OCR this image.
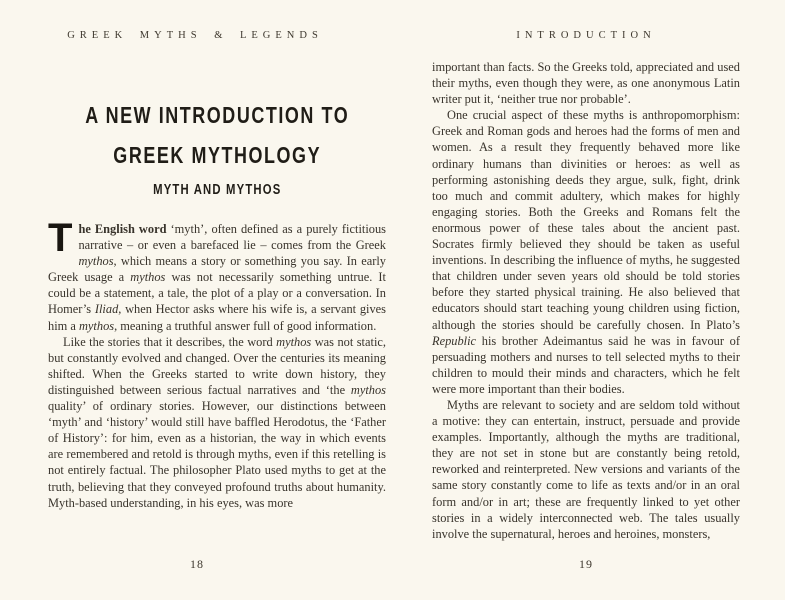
GREEK MYTHS & LEGENDS
A NEW INTRODUCTION TO
GREEK MYTHOLOGY
MYTH AND MYTHOS

The English word ‘myth’, often defined as a purely fictitious narrative – or even a barefaced lie – comes from the Greek mythos, which means a story or something you say. In early Greek usage a mythos was not necessarily something untrue. It could be a statement, a tale, the plot of a play or a conversation. In Homer’s Iliad, when Hector asks where his wife is, a servant gives him a mythos, meaning a truthful answer full of good information.

Like the stories that it describes, the word mythos was not static, but constantly evolved and changed. Over the centuries its meaning shifted. When the Greeks started to write down history, they distinguished between serious factual narratives and ‘the mythos quality’ of ordinary stories. However, our distinctions between ‘myth’ and ‘history’ would still have baffled Herodotus, the ‘Father of History’: for him, even as a historian, the way in which events are remembered and retold is through myths, even if this retelling is not entirely factual. The philosopher Plato used myths to get at the truth, believing that they conveyed profound truths about humanity. Myth-based understanding, in his eyes, was more

18
INTRODUCTION

important than facts. So the Greeks told, appreciated and used their myths, even though they were, as one anonymous Latin writer put it, ‘neither true nor probable’.

One crucial aspect of these myths is anthropomorphism: Greek and Roman gods and heroes had the forms of men and women. As a result they frequently behaved more like ordinary humans than divinities or heroes: as well as performing astonishing deeds they argue, sulk, fight, drink too much and commit adultery, which makes for highly engaging stories. Both the Greeks and Romans felt the enormous power of these tales about the ancient past. Socrates firmly believed they should be taken as useful inventions. In describing the influence of myths, he suggested that children under seven years old should be told stories before they started physical training. He also believed that educators should start teaching young children using fiction, although the stories should be carefully chosen. In Plato’s Republic his brother Adeimantus said he was in favour of persuading mothers and nurses to tell selected myths to their children to mould their minds and characters, which he felt were more important than their bodies.

Myths are relevant to society and are seldom told without a motive: they can entertain, instruct, persuade and provide examples. Importantly, although the myths are traditional, they are not set in stone but are constantly being retold, reworked and reinterpreted. New versions and variants of the same story constantly come to life as texts and/or in an oral form and/or in art; these are frequently linked to yet other stories in a widely interconnected web. The tales usually involve the supernatural, heroes and heroines, monsters,

19
